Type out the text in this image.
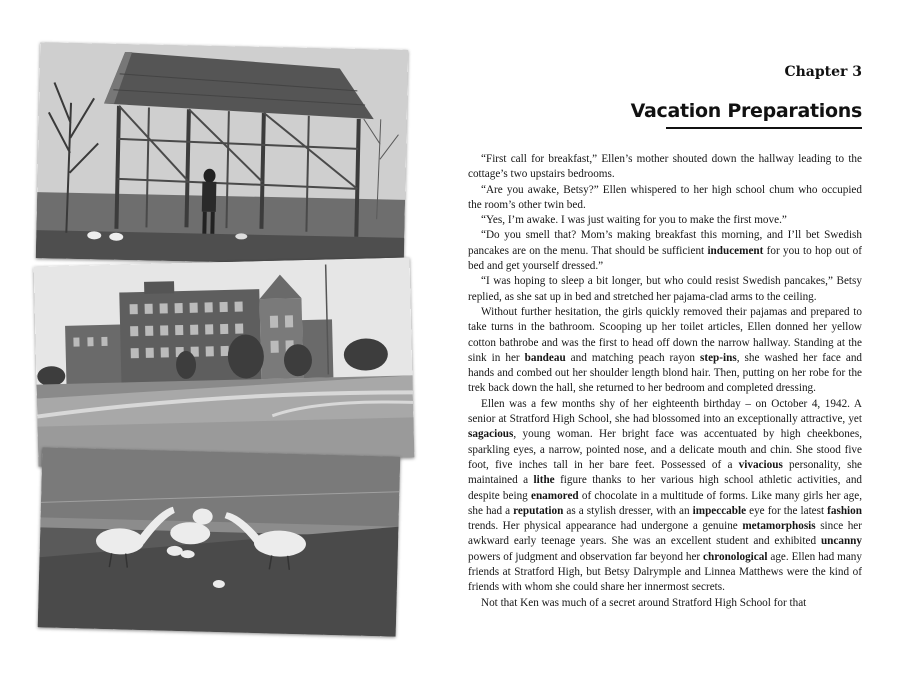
Chapter 3
Vacation Preparations

“First call for breakfast,” Ellen’s mother shouted down the hallway leading to the cottage’s two upstairs bedrooms.

“Are you awake, Betsy?” Ellen whispered to her high school chum who occupied the room’s other twin bed.

“Yes, I’m awake. I was just waiting for you to make the first move.”

“Do you smell that? Mom’s making breakfast this morning, and I’ll bet Swedish pancakes are on the menu. That should be sufficient inducement for you to hop out of bed and get yourself dressed.”

“I was hoping to sleep a bit longer, but who could resist Swedish pancakes,” Betsy replied, as she sat up in bed and stretched her pajama-clad arms to the ceiling.

Without further hesitation, the girls quickly removed their pajamas and prepared to take turns in the bathroom. Scooping up her toilet articles, Ellen donned her yellow cotton bathrobe and was the first to head off down the narrow hallway. Standing at the sink in her bandeau and matching peach rayon step-ins, she washed her face and hands and combed out her shoulder length blond hair. Then, putting on her robe for the trek back down the hall, she returned to her bedroom and completed dressing.

Ellen was a few months shy of her eighteenth birthday – on October 4, 1942. A senior at Stratford High School, she had blossomed into an exceptionally attractive, yet sagacious, young woman. Her bright face was accentuated by high cheekbones, sparkling eyes, a narrow, pointed nose, and a delicate mouth and chin. She stood five foot, five inches tall in her bare feet. Possessed of a vivacious personality, she maintained a lithe figure thanks to her various high school athletic activities, and despite being enamored of chocolate in a multitude of forms. Like many girls her age, she had a reputation as a stylish dresser, with an impeccable eye for the latest fashion trends. Her physical appearance had undergone a genuine metamorphosis since her awkward early teenage years. She was an excellent student and exhibited uncanny powers of judgment and observation far beyond her chronological age. Ellen had many friends at Stratford High, but Betsy Dalrymple and Linnea Matthews were the kind of friends with whom she could share her innermost secrets.

Not that Ken was much of a secret around Stratford High School for that
